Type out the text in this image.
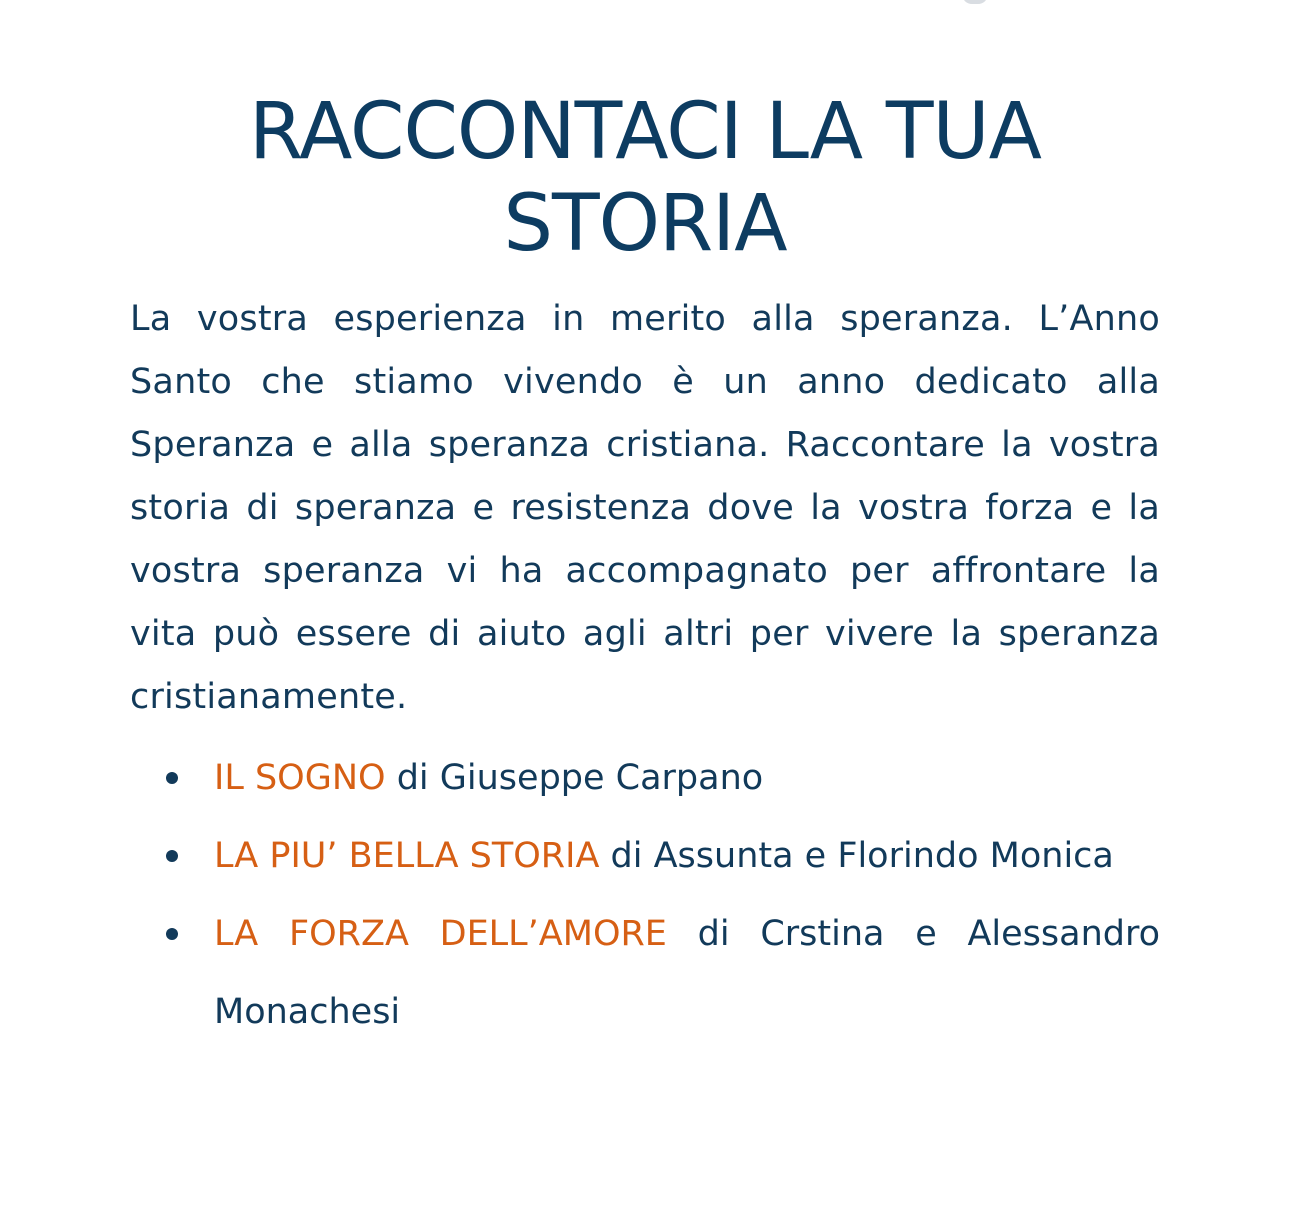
RACCONTACI LA TUA STORIA

La vostra esperienza in merito alla speranza. L’Anno Santo che stiamo vivendo è un anno dedicato alla Speranza e alla speranza cristiana. Raccontare la vostra storia di speranza e resistenza dove la vostra forza e la vostra speranza vi ha accompagnato per affrontare la vita può essere di aiuto agli altri per vivere la speranza cristianamente.

IL SOGNO di Giuseppe Carpano
LA PIU’ BELLA STORIA di Assunta e Florindo Monica
LA FORZA DELL’AMORE di Crstina e Alessandro Monachesi
